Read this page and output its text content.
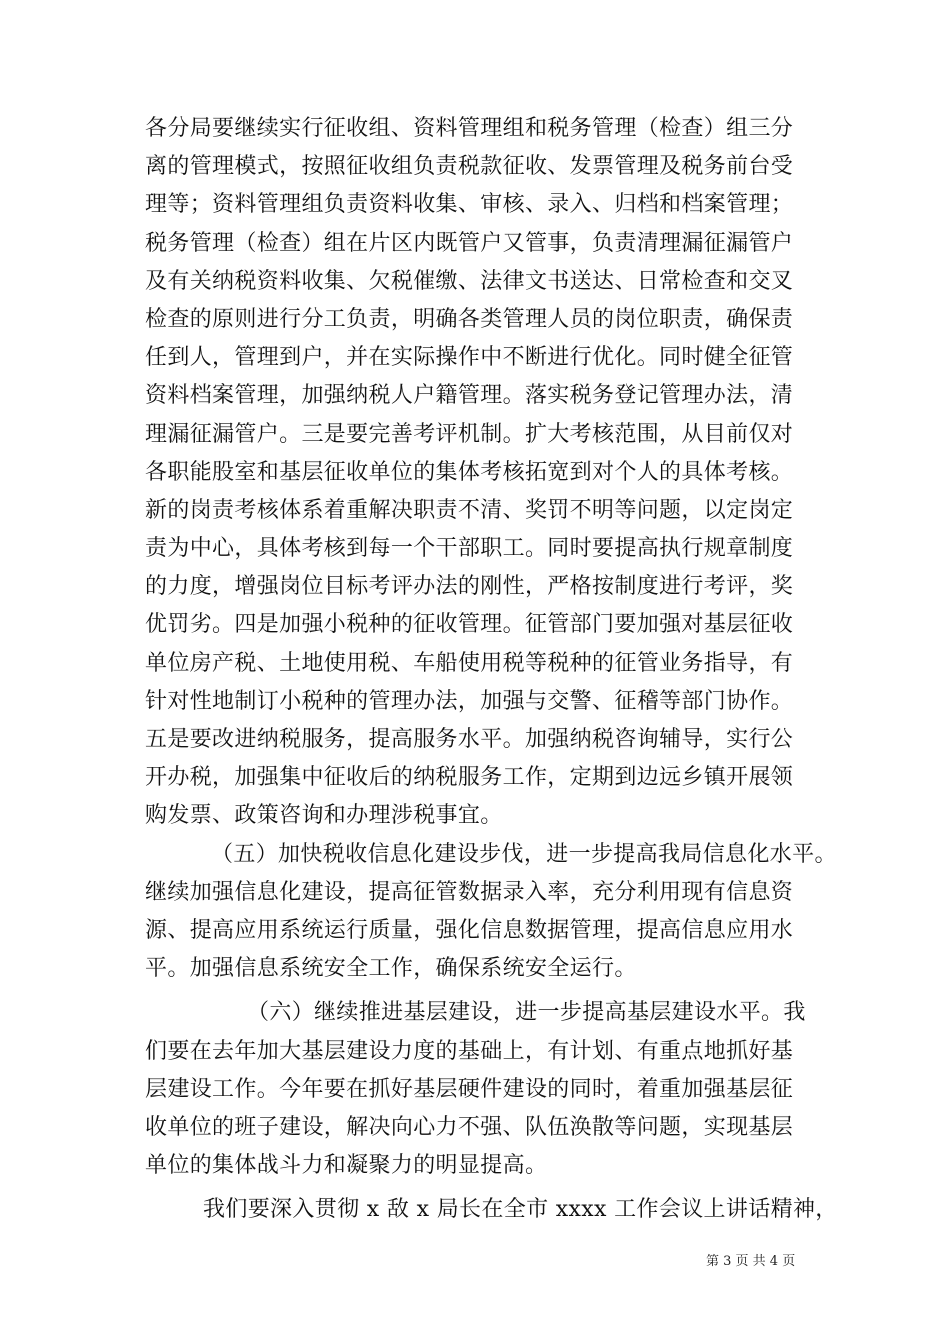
各分局要继续实行征收组、资料管理组和税务管理（检查）组三分
离的管理模式，按照征收组负责税款征收、发票管理及税务前台受
理等；资料管理组负责资料收集、审核、录入、归档和档案管理；
税务管理（检查）组在片区内既管户又管事，负责清理漏征漏管户
及有关纳税资料收集、欠税催缴、法律文书送达、日常检查和交叉
检查的原则进行分工负责，明确各类管理人员的岗位职责，确保责
任到人，管理到户，并在实际操作中不断进行优化。同时健全征管
资料档案管理，加强纳税人户籍管理。落实税务登记管理办法，清
理漏征漏管户。三是要完善考评机制。扩大考核范围，从目前仅对
各职能股室和基层征收单位的集体考核拓宽到对个人的具体考核。
新的岗责考核体系着重解决职责不清、奖罚不明等问题，以定岗定
责为中心，具体考核到每一个干部职工。同时要提高执行规章制度
的力度，增强岗位目标考评办法的刚性，严格按制度进行考评，奖
优罚劣。四是加强小税种的征收管理。征管部门要加强对基层征收
单位房产税、土地使用税、车船使用税等税种的征管业务指导，有
针对性地制订小税种的管理办法，加强与交警、征稽等部门协作。
五是要改进纳税服务，提高服务水平。加强纳税咨询辅导，实行公
开办税，加强集中征收后的纳税服务工作，定期到边远乡镇开展领
购发票、政策咨询和办理涉税事宜。
（五）加快税收信息化建设步伐，进一步提高我局信息化水平。
继续加强信息化建设，提高征管数据录入率，充分利用现有信息资
源、提高应用系统运行质量，强化信息数据管理，提高信息应用水
平。加强信息系统安全工作，确保系统安全运行。
（六）继续推进基层建设，进一步提高基层建设水平。我
们要在去年加大基层建设力度的基础上，有计划、有重点地抓好基
层建设工作。今年要在抓好基层硬件建设的同时，着重加强基层征
收单位的班子建设，解决向心力不强、队伍涣散等问题，实现基层
单位的集体战斗力和凝聚力的明显提高。
我们要深入贯彻 x 敌 x 局长在全市 xxxx 工作会议上讲话精神，
第 3 页 共 4 页
